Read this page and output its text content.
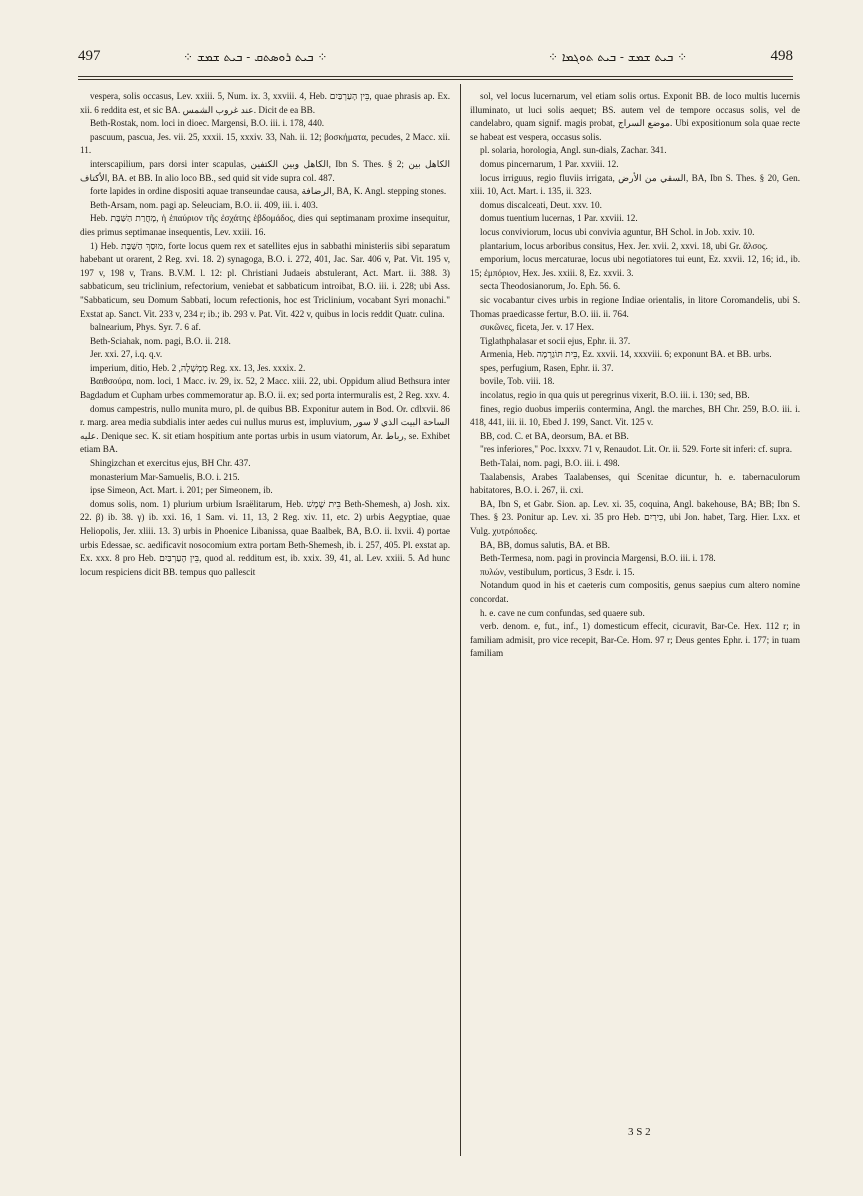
497	⁘ ܒܝܬ ܪܘܣܬܩ - ܒܝܬ ܫܡܫ ⁘	⁘ ܒܝܬ ܫܡܫ - ܒܝܬ ܬܘܓܡܐ ⁘	498

vespera, solis occasus, Lev. xxiii. 5, Num. ix. 3, xxviii. 4, Heb. בֵּין הָעַרְבַּיִם, quae phrasis ap. Ex. xii. 6 reddita est, et sic BA. عند غروب الشمس. Dicit de ea BB.

Beth-Rostak, nom. loci in dioec. Margensi, B.O. iii. i. 178, 440.

pascuum, pascua, Jes. vii. 25, xxxii. 15, xxxiv. 33, Nah. ii. 12; βοσκήματα, pecudes, 2 Macc. xii. 11.

interscapilium, pars dorsi inter scapulas, الكاهل وبين الكتفين, Ibn S. Thes. § 2; الكاهل بين الأكتاف, BA. et BB. In alio loco BB., sed quid sit vide supra col. 487.

forte lapides in ordine dispositi aquae transeundae causa, الرضافة, BA, K. Angl. stepping stones.

Beth-Arsam, nom. pagi ap. Seleuciam, B.O. ii. 409, iii. i. 403.

Heb. מָחֳרַת הַשַּׁבָּת, ἡ ἐπαύριον τῆς ἐσχάτης ἑβδομάδος, dies qui septimanam proxime insequitur, dies primus septimanae insequentis, Lev. xxiii. 16.

1) Heb. מוּסַךְ הַשַּׁבָּת, forte locus quem rex et satellites ejus in sabbathi ministeriis sibi separatum habebant ut orarent, 2 Reg. xvi. 18. 2) synagoga, B.O. i. 272, 401, Jac. Sar. 406 v, Pat. Vit. 195 v, 197 v, 198 v, Trans. B.V.M. l. 12: pl. Christiani Judaeis abstulerant, Act. Mart. ii. 388. 3) sabbaticum, seu triclinium, refectorium, veniebat et sabbaticum introibat, B.O. iii. i. 228; ubi Ass. "Sabbaticum, seu Domum Sabbati, locum refectionis, hoc est Triclinium, vocabant Syri monachi." Exstat ap. Sanct. Vit. 233 v, 234 r; ib.; ib. 293 v. Pat. Vit. 422 v, quibus in locis reddit Quatr. culina.

balnearium, Phys. Syr. 7. 6 af.

Beth-Sciahak, nom. pagi, B.O. ii. 218.

Jer. xxi. 27, i.q. q.v.

imperium, ditio, Heb. מֶמְשָׁלָה, 2 Reg. xx. 13, Jes. xxxix. 2.

Βαιθσούρα, nom. loci, 1 Macc. iv. 29, ix. 52, 2 Macc. xiii. 22, ubi. Oppidum aliud Bethsura inter Bagdadum et Cupham urbes commemoratur ap. B.O. ii. ex; sed porta intermuralis est, 2 Reg. xxv. 4.

domus campestris, nullo munita muro, pl. de quibus BB. Exponitur autem in Bod. Or. cdlxvii. 86 r. marg. area media subdialis inter aedes cui nullus murus est, impluvium, الساحة البيت الذي لا سور عليه. Denique sec. K. sit etiam hospitium ante portas urbis in usum viatorum, Ar. رباط, se. Exhibet etiam BA.

Shingizchan et exercitus ejus, BH Chr. 437.

monasterium Mar-Samuelis, B.O. i. 215.

ipse Simeon, Act. Mart. i. 201; per Simeonem, ib.

domus solis, nom. 1) plurium urbium Israëlitarum, Heb. בֵּית שֶׁמֶשׁ Beth-Shemesh, a) Josh. xix. 22. β) ib. 38. γ) ib. xxi. 16, 1 Sam. vi. 11, 13, 2 Reg. xiv. 11, etc. 2) urbis Aegyptiae, quae Heliopolis, Jer. xliii. 13. 3) urbis in Phoenice Libanissa, quae Baalbek, BA, B.O. ii. lxvii. 4) portae urbis Edessae, sc. aedificavit nosocomium extra portam Beth-Shemesh, ib. i. 257, 405. Pl. exstat ap. Ex. xxx. 8 pro Heb. בֵּין הָעַרְבַּיִם, quod al. redditum est, ib. xxix. 39, 41, al. Lev. xxiii. 5. Ad hunc locum respiciens dicit BB. tempus quo pallescit

sol, vel locus lucernarum, vel etiam solis ortus. Exponit BB. de loco multis lucernis illuminato, ut luci solis aequet; BS. autem vel de tempore occasus solis, vel de candelabro, quam signif. magis probat, موضع السراج. Ubi expositionum sola quae recte se habeat est vespera, occasus solis.

pl. solaria, horologia, Angl. sun-dials, Zachar. 341.

domus pincernarum, 1 Par. xxviii. 12.

locus irriguus, regio fluviis irrigata, السقي من الأرض, BA, Ibn S. Thes. § 20, Gen. xiii. 10, Act. Mart. i. 135, ii. 323.

domus discalceati, Deut. xxv. 10.

domus tuentium lucernas, 1 Par. xxviii. 12.

locus conviviorum, locus ubi convivia aguntur, BH Schol. in Job. xxiv. 10.

plantarium, locus arboribus consitus, Hex. Jer. xvii. 2, xxvi. 18, ubi Gr. ἄλσος.

emporium, locus mercaturae, locus ubi negotiatores tui eunt, Ez. xxvii. 12, 16; id., ib. 15; ἐμπόριον, Hex. Jes. xxiii. 8, Ez. xxvii. 3.

secta Theodosianorum, Jo. Eph. 56. 6.

sic vocabantur cives urbis in regione Indiae orientalis, in litore Coromandelis, ubi S. Thomas praedicasse fertur, B.O. iii. ii. 764.

συκῶνες, ficeta, Jer. v. 17 Hex.

Tiglathphalasar et socii ejus, Ephr. ii. 37.

Armenia, Heb. בֵּית תּוֹגַרְמָה, Ez. xxvii. 14, xxxviii. 6; exponunt BA. et BB. urbs.

spes, perfugium, Rasen, Ephr. ii. 37.

bovile, Tob. viii. 18.

incolatus, regio in qua quis ut peregrinus vixerit, B.O. iii. i. 130; sed, BB.

fines, regio duobus imperiis contermina, Angl. the marches, BH Chr. 259, B.O. iii. i. 418, 441, iii. ii. 10, Ebed J. 199, Sanct. Vit. 125 v.

BB, cod. C. et BA, deorsum, BA. et BB.

"res inferiores," Poc. lxxxv. 71 v, Renaudot. Lit. Or. ii. 529. Forte sit inferi: cf. supra.

Beth-Talai, nom. pagi, B.O. iii. i. 498.

Taalabensis, Arabes Taalabenses, qui Scenitae dicuntur, h. e. tabernaculorum habitatores, B.O. i. 267, ii. cxi.

BA, Ibn S, et Gabr. Sion. ap. Lev. xi. 35, coquina, Angl. bakehouse, BA; BB; Ibn S. Thes. § 23. Ponitur ap. Lev. xi. 35 pro Heb. כִּירַיִם, ubi Jon. habet, Targ. Hier. Lxx. et Vulg. χυτρόποδες.

BA, BB, domus salutis, BA. et BB.

Beth-Termesa, nom. pagi in provincia Margensi, B.O. iii. i. 178.

πυλών, vestibulum, porticus, 3 Esdr. i. 15.

Notandum quod in his et caeteris cum compositis, genus saepius cum altero nomine concordat.

h. e. cave ne cum confundas, sed quaere sub.

verb. denom. e, fut., inf., 1) domesticum effecit, cicuravit, Bar-Ce. Hex. 112 r; in familiam admisit, pro vice recepit, Bar-Ce. Hom. 97 r; Deus gentes Ephr. i. 177; in tuam familiam

3 S 2
